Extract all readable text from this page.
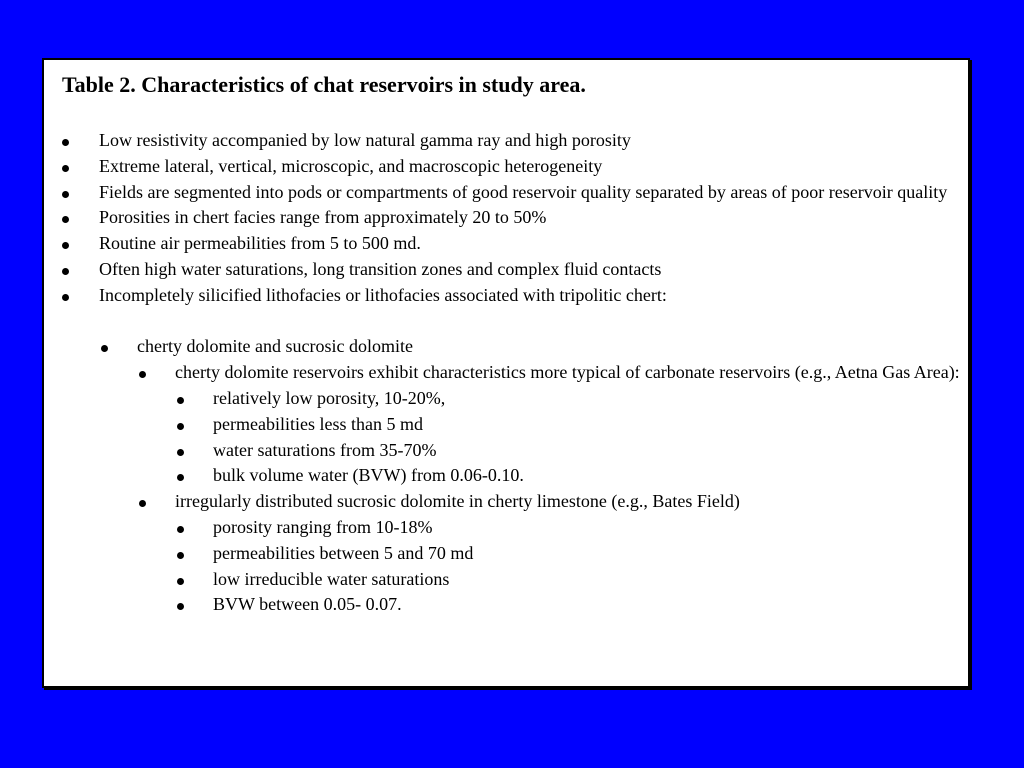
Table 2. Characteristics of chat reservoirs in study area.
Low resistivity accompanied by low natural gamma ray and high porosity
Extreme lateral, vertical, microscopic, and macroscopic heterogeneity
Fields are segmented into pods or compartments of good reservoir quality separated by areas of poor reservoir quality
Porosities in chert facies range from approximately 20 to 50%
Routine air permeabilities from 5 to 500 md.
Often high water saturations, long transition zones and complex fluid contacts
Incompletely silicified lithofacies or lithofacies associated with tripolitic chert:
cherty dolomite and sucrosic dolomite
cherty dolomite reservoirs exhibit characteristics more typical of carbonate reservoirs (e.g., Aetna Gas Area):
relatively low porosity, 10-20%,
permeabilities less than 5 md
water saturations from 35-70%
bulk volume water (BVW) from 0.06-0.10.
irregularly distributed sucrosic dolomite in cherty limestone (e.g., Bates Field)
porosity ranging from 10-18%
permeabilities between 5 and 70 md
low irreducible water saturations
BVW between 0.05- 0.07.
